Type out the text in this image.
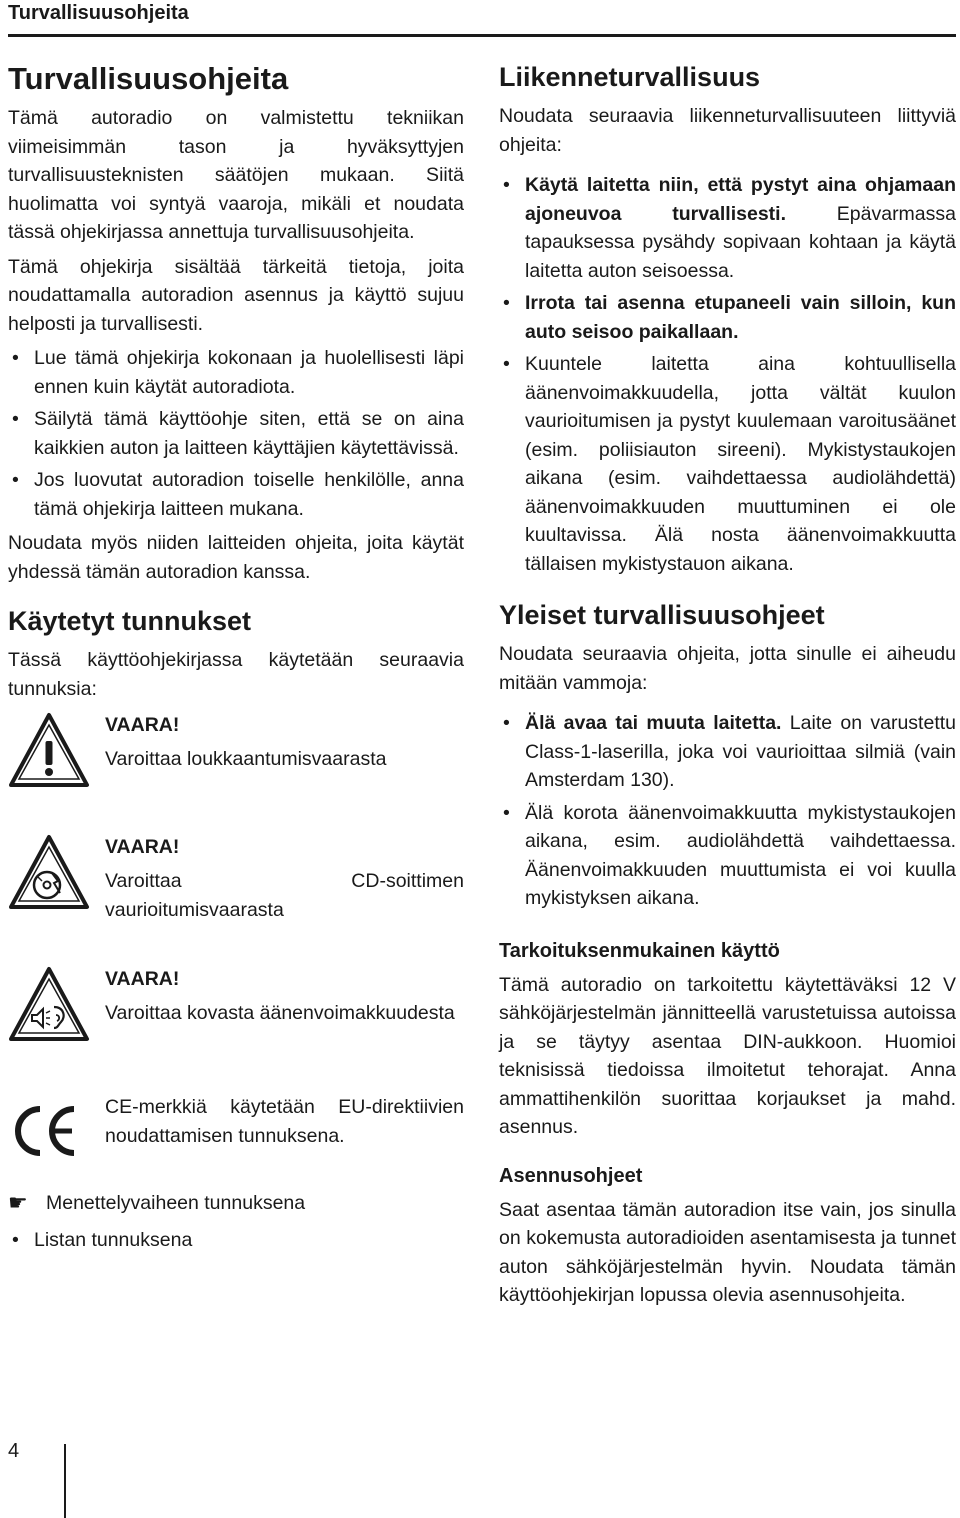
Turvallisuusohjeita
Turvallisuusohjeita

Tämä autoradio on valmistettu tekniikan viimeisimmän tason ja hyväksyttyjen turvallisuusteknisten säätöjen mukaan. Siitä huolimatta voi syntyä vaaroja, mikäli et noudata tässä ohjekirjassa annettuja turvallisuusohjeita.

Tämä ohjekirja sisältää tärkeitä tietoja, joita noudattamalla autoradion asennus ja käyttö sujuu helposti ja turvallisesti.

• Lue tämä ohjekirja kokonaan ja huolellisesti läpi ennen kuin käytät autoradiota.
• Säilytä tämä käyttöohje siten, että se on aina kaikkien auton ja laitteen käyttäjien käytettävissä.
• Jos luovutat autoradion toiselle henkilölle, anna tämä ohjekirja laitteen mukana.

Noudata myös niiden laitteiden ohjeita, joita käytät yhdessä tämän autoradion kanssa.

Käytetyt tunnukset

Tässä käyttöohjekirjassa käytetään seuraavia tunnuksia:

VAARA!
Varoittaa loukkaantumisvaarasta
VAARA!
Varoittaa CD-soittimen vaurioitumisvaarasta
VAARA!
Varoittaa kovasta äänenvoimakkuudesta
CE-merkkiä käytetään EU-direktiivien noudattamisen tunnuksena.
☛ Menettelyvaiheen tunnuksena
• Listan tunnuksena
Liikenneturvallisuus

Noudata seuraavia liikenneturvallisuuteen liittyviä ohjeita:

• Käytä laitetta niin, että pystyt aina ohjamaan ajoneuvoa turvallisesti. Epävarmassa tapauksessa pysähdy sopivaan kohtaan ja käytä laitetta auton seisoessa.
• Irrota tai asenna etupaneeli vain silloin, kun auto seisoo paikallaan.
• Kuuntele laitetta aina kohtuullisella äänenvoimakkuudella, jotta vältät kuulon vaurioitumisen ja pystyt kuulemaan varoitusäänet (esim. poliisiauton sireeni). Mykistystaukojen aikana (esim. vaihdettaessa audiolähdettä) äänenvoimakkuuden muuttuminen ei ole kuultavissa. Älä nosta äänenvoimakkuutta tällaisen mykistystauon aikana.
Yleiset turvallisuusohjeet

Noudata seuraavia ohjeita, jotta sinulle ei aiheudu mitään vammoja:

• Älä avaa tai muuta laitetta. Laite on varustettu Class-1-laserilla, joka voi vaurioittaa silmiä (vain Amsterdam 130).
• Älä korota äänenvoimakkuutta mykistystaukojen aikana, esim. audiolähdettä vaihdettaessa. Äänenvoimakkuuden muuttumista ei voi kuulla mykistyksen aikana.
Tarkoituksenmukainen käyttö

Tämä autoradio on tarkoitettu käytettäväksi 12 V sähköjärjestelmän jännitteellä varustetuissa autoissa ja se täytyy asentaa DIN-aukkoon. Huomioi teknisissä tiedoissa ilmoitetut tehorajat. Anna ammattihenkilön suorittaa korjaukset ja mahd. asennus.

Asennusohjeet

Saat asentaa tämän autoradion itse vain, jos sinulla on kokemusta autoradioiden asentamisesta ja tunnet auton sähköjärjestelmän hyvin. Noudata tämän käyttöohjekirjan lopussa olevia asennusohjeita.

4
